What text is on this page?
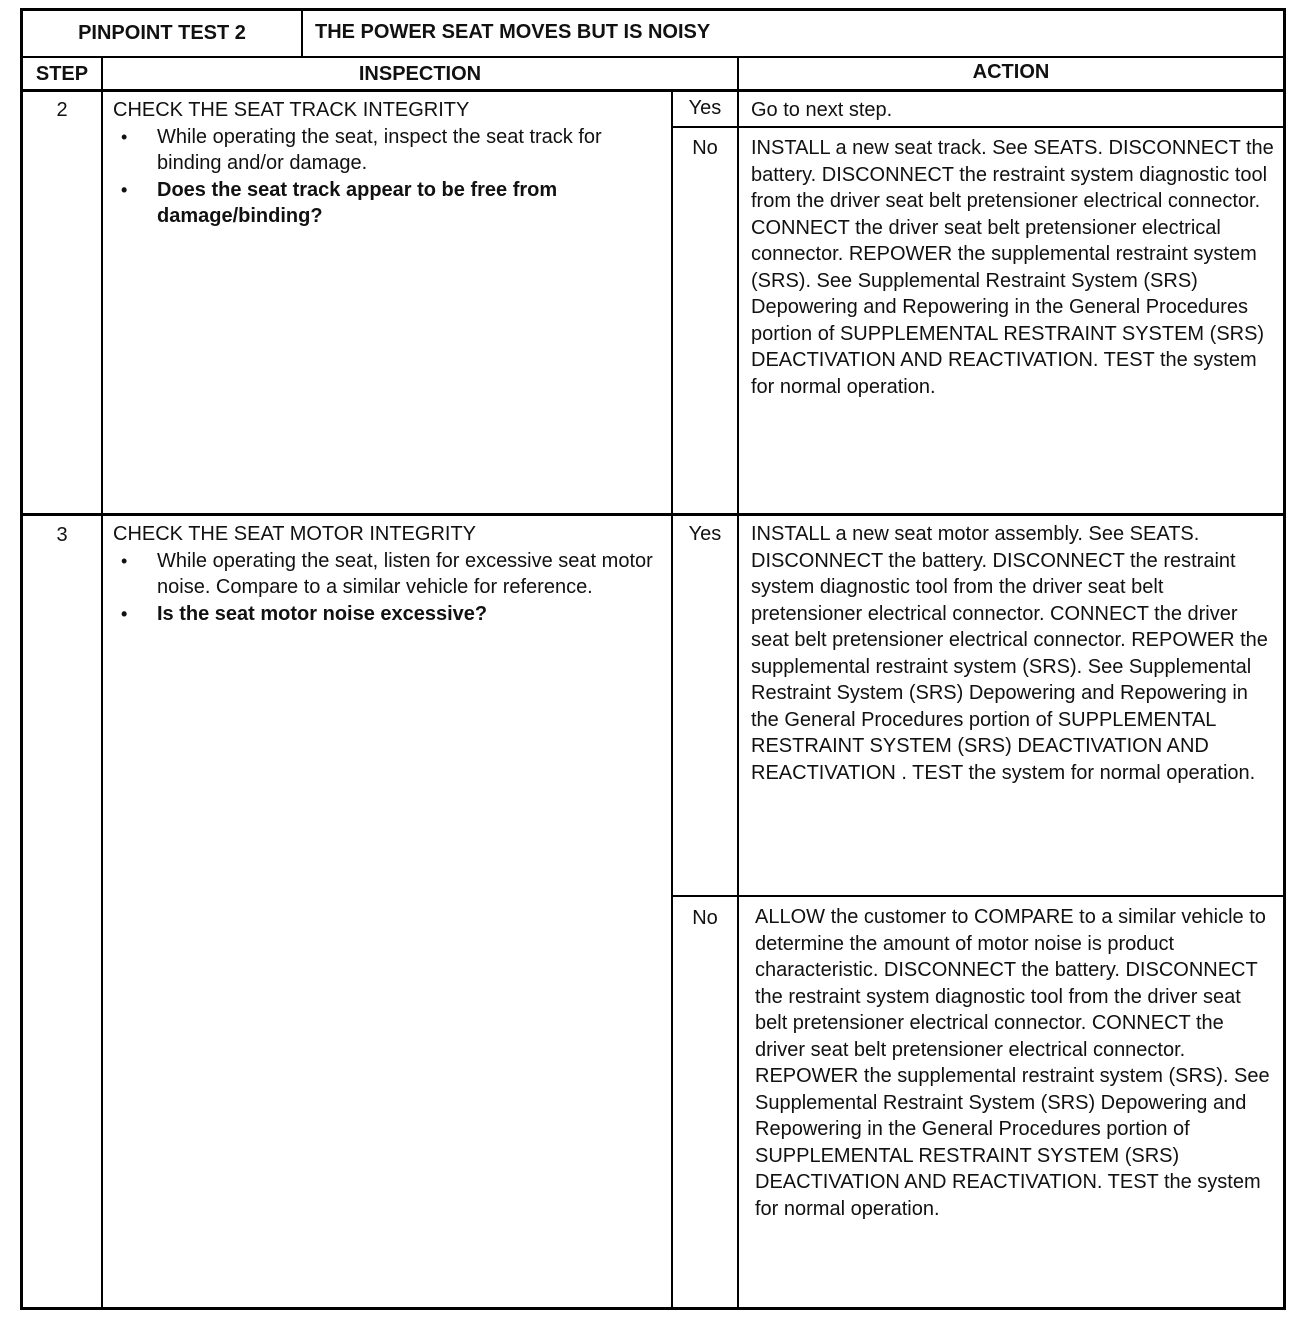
PINPOINT TEST 2	THE POWER SEAT MOVES BUT IS NOISY
STEP	INSPECTION	ACTION
2	CHECK THE SEAT TRACK INTEGRITY
• While operating the seat, inspect the seat track for binding and/or damage.
• Does the seat track appear to be free from damage/binding?
Yes	Go to next step.
No	INSTALL a new seat track. See SEATS. DISCONNECT the battery. DISCONNECT the restraint system diagnostic tool from the driver seat belt pretensioner electrical connector. CONNECT the driver seat belt pretensioner electrical connector. REPOWER the supplemental restraint system (SRS). See Supplemental Restraint System (SRS) Depowering and Repowering in the General Procedures portion of SUPPLEMENTAL RESTRAINT SYSTEM (SRS) DEACTIVATION AND REACTIVATION. TEST the system for normal operation.
3	CHECK THE SEAT MOTOR INTEGRITY
• While operating the seat, listen for excessive seat motor noise. Compare to a similar vehicle for reference.
• Is the seat motor noise excessive?
Yes	INSTALL a new seat motor assembly. See SEATS. DISCONNECT the battery. DISCONNECT the restraint system diagnostic tool from the driver seat belt pretensioner electrical connector. CONNECT the driver seat belt pretensioner electrical connector. REPOWER the supplemental restraint system (SRS). See Supplemental Restraint System (SRS) Depowering and Repowering in the General Procedures portion of SUPPLEMENTAL RESTRAINT SYSTEM (SRS) DEACTIVATION AND REACTIVATION . TEST the system for normal operation.
No	ALLOW the customer to COMPARE to a similar vehicle to determine the amount of motor noise is product characteristic. DISCONNECT the battery. DISCONNECT the restraint system diagnostic tool from the driver seat belt pretensioner electrical connector. CONNECT the driver seat belt pretensioner electrical connector. REPOWER the supplemental restraint system (SRS). See Supplemental Restraint System (SRS) Depowering and Repowering in the General Procedures portion of SUPPLEMENTAL RESTRAINT SYSTEM (SRS) DEACTIVATION AND REACTIVATION. TEST the system for normal operation.
